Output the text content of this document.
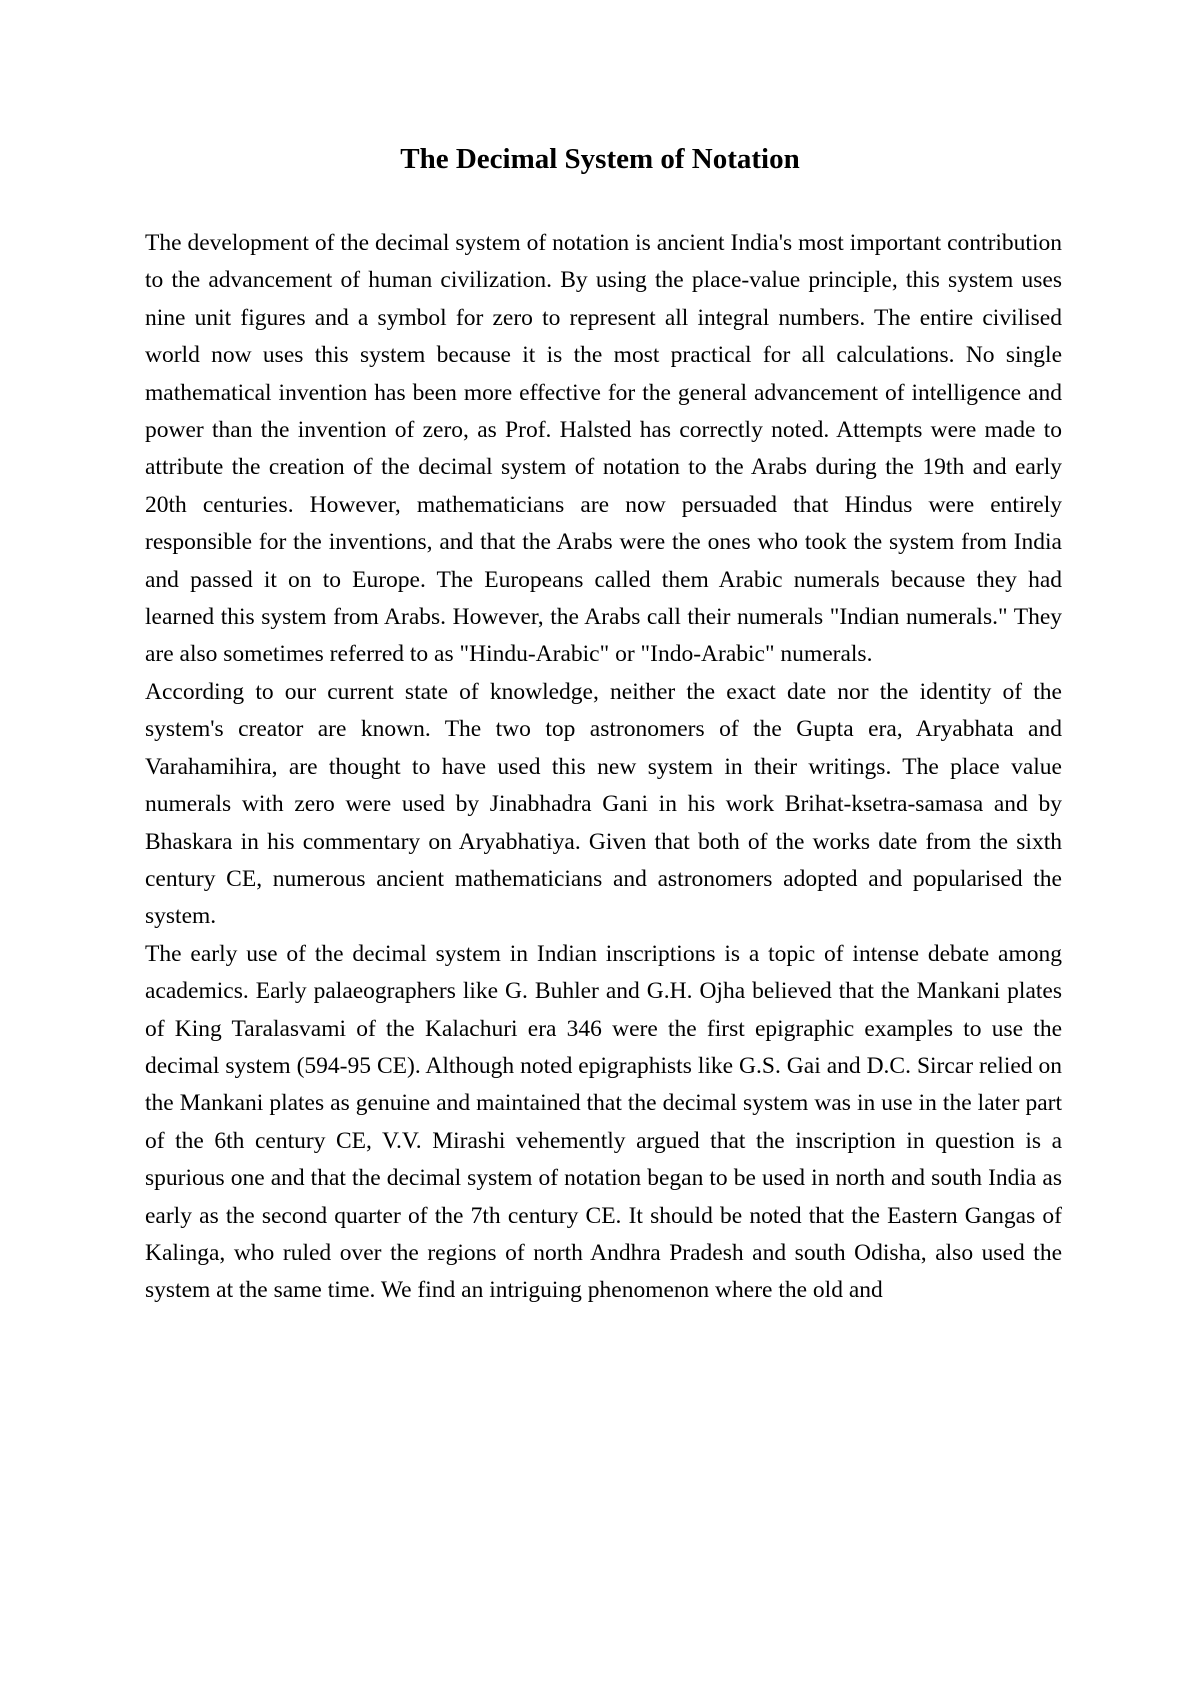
The Decimal System of Notation

The development of the decimal system of notation is ancient India's most important contribution to the advancement of human civilization. By using the place-value principle, this system uses nine unit figures and a symbol for zero to represent all integral numbers. The entire civilised world now uses this system because it is the most practical for all calculations. No single mathematical invention has been more effective for the general advancement of intelligence and power than the invention of zero, as Prof. Halsted has correctly noted. Attempts were made to attribute the creation of the decimal system of notation to the Arabs during the 19th and early 20th centuries. However, mathematicians are now persuaded that Hindus were entirely responsible for the inventions, and that the Arabs were the ones who took the system from India and passed it on to Europe. The Europeans called them Arabic numerals because they had learned this system from Arabs. However, the Arabs call their numerals "Indian numerals." They are also sometimes referred to as "Hindu-Arabic" or "Indo-Arabic" numerals.

According to our current state of knowledge, neither the exact date nor the identity of the system's creator are known. The two top astronomers of the Gupta era, Aryabhata and Varahamihira, are thought to have used this new system in their writings. The place value numerals with zero were used by Jinabhadra Gani in his work Brihat-ksetra-samasa and by Bhaskara in his commentary on Aryabhatiya. Given that both of the works date from the sixth century CE, numerous ancient mathematicians and astronomers adopted and popularised the system.

The early use of the decimal system in Indian inscriptions is a topic of intense debate among academics. Early palaeographers like G. Buhler and G.H. Ojha believed that the Mankani plates of King Taralasvami of the Kalachuri era 346 were the first epigraphic examples to use the decimal system (594-95 CE). Although noted epigraphists like G.S. Gai and D.C. Sircar relied on the Mankani plates as genuine and maintained that the decimal system was in use in the later part of the 6th century CE, V.V. Mirashi vehemently argued that the inscription in question is a spurious one and that the decimal system of notation began to be used in north and south India as early as the second quarter of the 7th century CE. It should be noted that the Eastern Gangas of Kalinga, who ruled over the regions of north Andhra Pradesh and south Odisha, also used the system at the same time. We find an intriguing phenomenon where the old and
